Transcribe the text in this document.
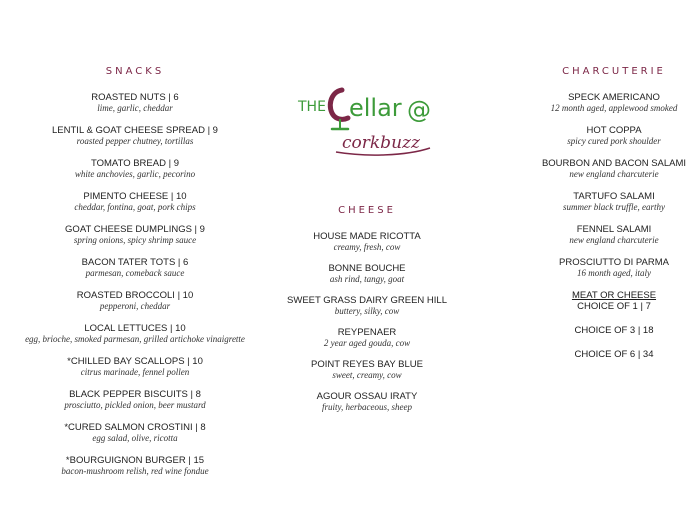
SNACKS
ROASTED NUTS | 6
lime, garlic, cheddar
LENTIL & GOAT CHEESE SPREAD | 9
roasted pepper chutney, tortillas
TOMATO BREAD | 9
white anchovies, garlic, pecorino
PIMENTO CHEESE | 10
cheddar, fontina, goat, pork chips
GOAT CHEESE DUMPLINGS | 9
spring onions, spicy shrimp sauce
BACON TATER TOTS | 6
parmesan, comeback sauce
ROASTED BROCCOLI | 10
pepperoni, cheddar
LOCAL LETTUCES | 10
egg, brioche, smoked parmesan, grilled artichoke vinaigrette
*CHILLED BAY SCALLOPS | 10
citrus marinade, fennel pollen
BLACK PEPPER BISCUITS | 8
prosciutto, pickled onion, beer mustard
*CURED SALMON CROSTINI | 8
egg salad, olive, ricotta
*BOURGUIGNON BURGER | 15
bacon-mushroom relish, red wine fondue
THE ellar @
corkbuzz
CHEESE
HOUSE MADE RICOTTA
creamy, fresh, cow
BONNE BOUCHE
ash rind, tangy, goat
SWEET GRASS DAIRY GREEN HILL
buttery, silky, cow
REYPENAER
2 year aged gouda, cow
POINT REYES BAY BLUE
sweet, creamy, cow
AGOUR OSSAU IRATY
fruity, herbaceous, sheep
CHARCUTERIE
SPECK AMERICANO
12 month aged, applewood smoked
HOT COPPA
spicy cured pork shoulder
BOURBON AND BACON SALAMI
new england charcuterie
TARTUFO SALAMI
summer black truffle, earthy
FENNEL SALAMI
new england charcuterie
PROSCIUTTO DI PARMA
16 month aged, italy
MEAT OR CHEESE
CHOICE OF 1 | 7
CHOICE OF 3 | 18
CHOICE OF 6 | 34
